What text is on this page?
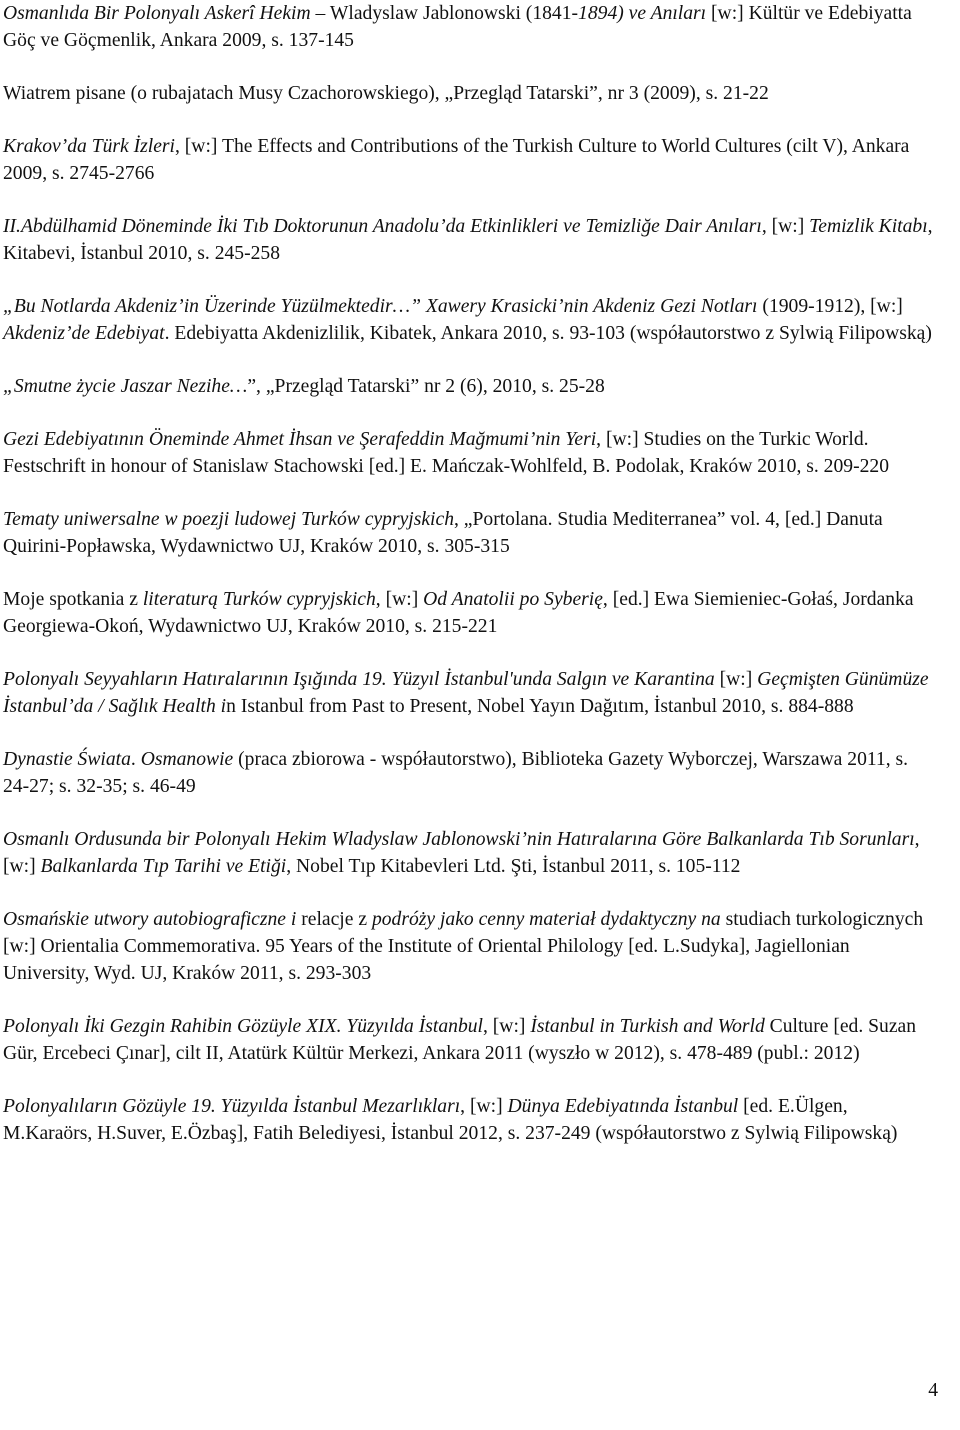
Osmanlıda Bir Polonyalı Askerî Hekim – Wladyslaw Jablonowski (1841-1894) ve Anıları [w:] Kültür ve Edebiyatta Göç ve Göçmenlik, Ankara 2009, s. 137-145
Wiatrem pisane (o rubajatach Musy Czachorowskiego), „Przegląd Tatarski”, nr 3 (2009), s. 21-22
Krakov’da Türk İzleri, [w:] The Effects and Contributions of the Turkish Culture to World Cultures (cilt V), Ankara 2009, s. 2745-2766
II.Abdülhamid Döneminde İki Tıb Doktorunun Anadolu’da Etkinlikleri ve Temizliğe Dair Anıları, [w:] Temizlik Kitabı, Kitabevi, İstanbul 2010, s. 245-258
„Bu Notlarda Akdeniz’in Üzerinde Yüzülmektedir…” Xawery Krasicki’nin Akdeniz Gezi Notları (1909-1912), [w:] Akdeniz’de Edebiyat. Edebiyatta Akdenizlilik, Kibatek, Ankara 2010, s. 93-103 (współautorstwo z Sylwią Filipowską)
„Smutne życie Jaszar Nezihe…”, „Przegląd Tatarski” nr 2 (6), 2010, s. 25-28
Gezi Edebiyatının Öneminde Ahmet İhsan ve Şerafeddin Mağmumi’nin Yeri, [w:] Studies on the Turkic World. Festschrift in honour of Stanislaw Stachowski [ed.] E. Mańczak-Wohlfeld, B. Podolak, Kraków 2010, s. 209-220
Tematy uniwersalne w poezji ludowej Turków cypryjskich, „Portolana. Studia Mediterranea” vol. 4, [ed.] Danuta Quirini-Popławska, Wydawnictwo UJ, Kraków 2010, s. 305-315
Moje spotkania z literaturą Turków cypryjskich, [w:] Od Anatolii po Syberię, [ed.] Ewa Siemieniec-Gołaś, Jordanka Georgiewa-Okoń, Wydawnictwo UJ, Kraków 2010, s. 215-221
Polonyalı Seyyahların Hatıralarının Işığında 19. Yüzyıl İstanbul'unda Salgın ve Karantina [w:] Geçmişten Günümüze İstanbul’da / Sağlık Health in Istanbul from Past to Present, Nobel Yayın Dağıtım, İstanbul 2010, s. 884-888
Dynastie Świata. Osmanowie (praca zbiorowa - współautorstwo), Biblioteka Gazety Wyborczej, Warszawa 2011, s. 24-27; s. 32-35; s. 46-49
Osmanlı Ordusunda bir Polonyalı Hekim Wladyslaw Jablonowski’nin Hatıralarına Göre Balkanlarda Tıb Sorunları, [w:] Balkanlarda Tıp Tarihi ve Etiği, Nobel Tıp Kitabevleri Ltd. Şti, İstanbul 2011, s. 105-112
Osmańskie utwory autobiograficzne i relacje z podróży jako cenny materiał dydaktyczny na studiach turkologicznych [w:] Orientalia Commemorativa. 95 Years of the Institute of Oriental Philology [ed. L.Sudyka], Jagiellonian University, Wyd. UJ, Kraków 2011, s. 293-303
Polonyalı İki Gezgin Rahibin Gözüyle XIX. Yüzyılda İstanbul, [w:] İstanbul in Turkish and World Culture [ed. Suzan Gür, Ercebeci Çınar], cilt II, Atatürk Kültür Merkezi, Ankara 2011 (wyszło w 2012), s. 478-489 (publ.: 2012)
Polonyalıların Gözüyle 19. Yüzyılda İstanbul Mezarlıkları, [w:] Dünya Edebiyatında İstanbul [ed. E.Ülgen, M.Karaörs, H.Suver, E.Özbaş], Fatih Belediyesi, İstanbul 2012, s. 237-249 (współautorstwo z Sylwią Filipowską)
4
